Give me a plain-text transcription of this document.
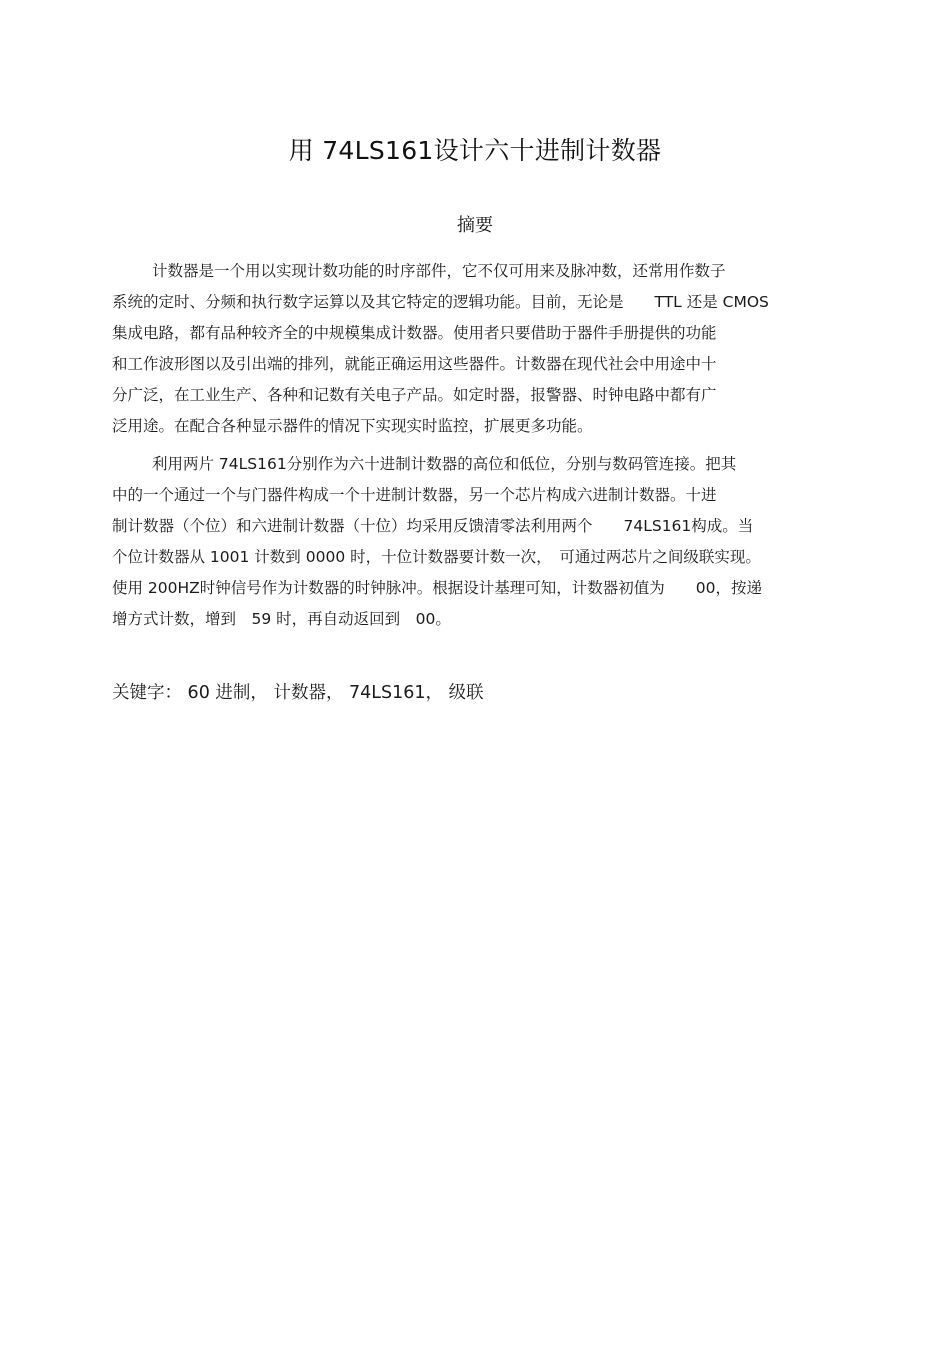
用 74LS161设计六十进制计数器
摘要
计数器是一个用以实现计数功能的时序部件，它不仅可用来及脉冲数，还常用作数子
系统的定时、分频和执行数字运算以及其它特定的逻辑功能。目前，无论是　　TTL 还是 CMOS
集成电路，都有品种较齐全的中规模集成计数器。使用者只要借助于器件手册提供的功能
和工作波形图以及引出端的排列，就能正确运用这些器件。计数器在现代社会中用途中十
分广泛，在工业生产、各种和记数有关电子产品。如定时器，报警器、时钟电路中都有广
泛用途。在配合各种显示器件的情况下实现实时监控，扩展更多功能。
利用两片 74LS161分别作为六十进制计数器的高位和低位，分别与数码管连接。把其
中的一个通过一个与门器件构成一个十进制计数器，另一个芯片构成六进制计数器。十进
制计数器（个位）和六进制计数器（十位）均采用反馈清零法利用两个　　74LS161构成。当
个位计数器从 1001 计数到 0000 时，十位计数器要计数一次，　可通过两芯片之间级联实现。
使用 200HZ时钟信号作为计数器的时钟脉冲。根据设计基理可知，计数器初值为　　00，按递
增方式计数，增到　59 时，再自动返回到　00。
关键字： 60 进制， 计数器， 74LS161， 级联
